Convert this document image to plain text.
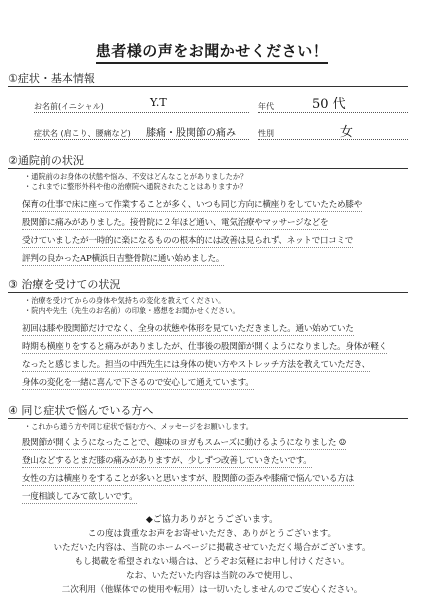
患者様の声をお聞かせください！
①症状・基本情報
お名前(イニシャル)	Y.T	年代	50 代
症状名 (肩こり、腰痛など) 膝痛・股関節の痛み	性別	女
②通院前の状況
・通院前のお身体の状態や悩み、不安はどんなことがありましたか？
・これまでに整形外科や他の治療院へ通院されたことはありますか？
保育の仕事で床に座って作業することが多く、いつも同じ方向に横座りをしていたため膝や
股関節に痛みがありました。接骨院に２年ほど通い、電気治療やマッサージなどを
受けていましたが一時的に楽になるものの根本的には改善は見られず、ネットで口コミで
評判の良かったAP横浜日吉整骨院に通い始めました。
③ 治療を受けての状況
・治療を受けてからの身体や気持ちの変化を教えてください。
・院内や先生（先生のお名前）の印象・感想をお聞かせください。
初回は膝や股関節だけでなく、全身の状態や体形を見ていただきました。通い始めていた
時期も横座りをすると痛みがありましたが、仕事後の股関節が開くようになりました。身体が軽く
なったと感じました。担当の中西先生には身体の使い方やストレッチ方法を教えていただき、
身体の変化を一緒に喜んで下さるので安心して通えています。
④ 同じ症状で悩んでいる方へ
・これから通う方や同じ症状で悩む方へ、メッセージをお願いします。
股関節が開くようになったことで、趣味のヨガもスムーズに動けるようになりました ☺
登山などするとまだ膝の痛みがありますが、少しずつ改善していきたいです。
女性の方は横座りをすることが多いと思いますが、股関節の歪みや膝痛で悩んでいる方は
一度相談してみて欲しいです。
◆ご協力ありがとうございます。
この度は貴重なお声をお寄せいただき、ありがとうございます。
いただいた内容は、当院のホームページに掲載させていただく場合がございます。
もし掲載を希望されない場合は、どうぞお気軽にお申し付けください。
なお、いただいた内容は当院のみで使用し、
二次利用（他媒体での使用や転用）は一切いたしませんのでご安心ください。
